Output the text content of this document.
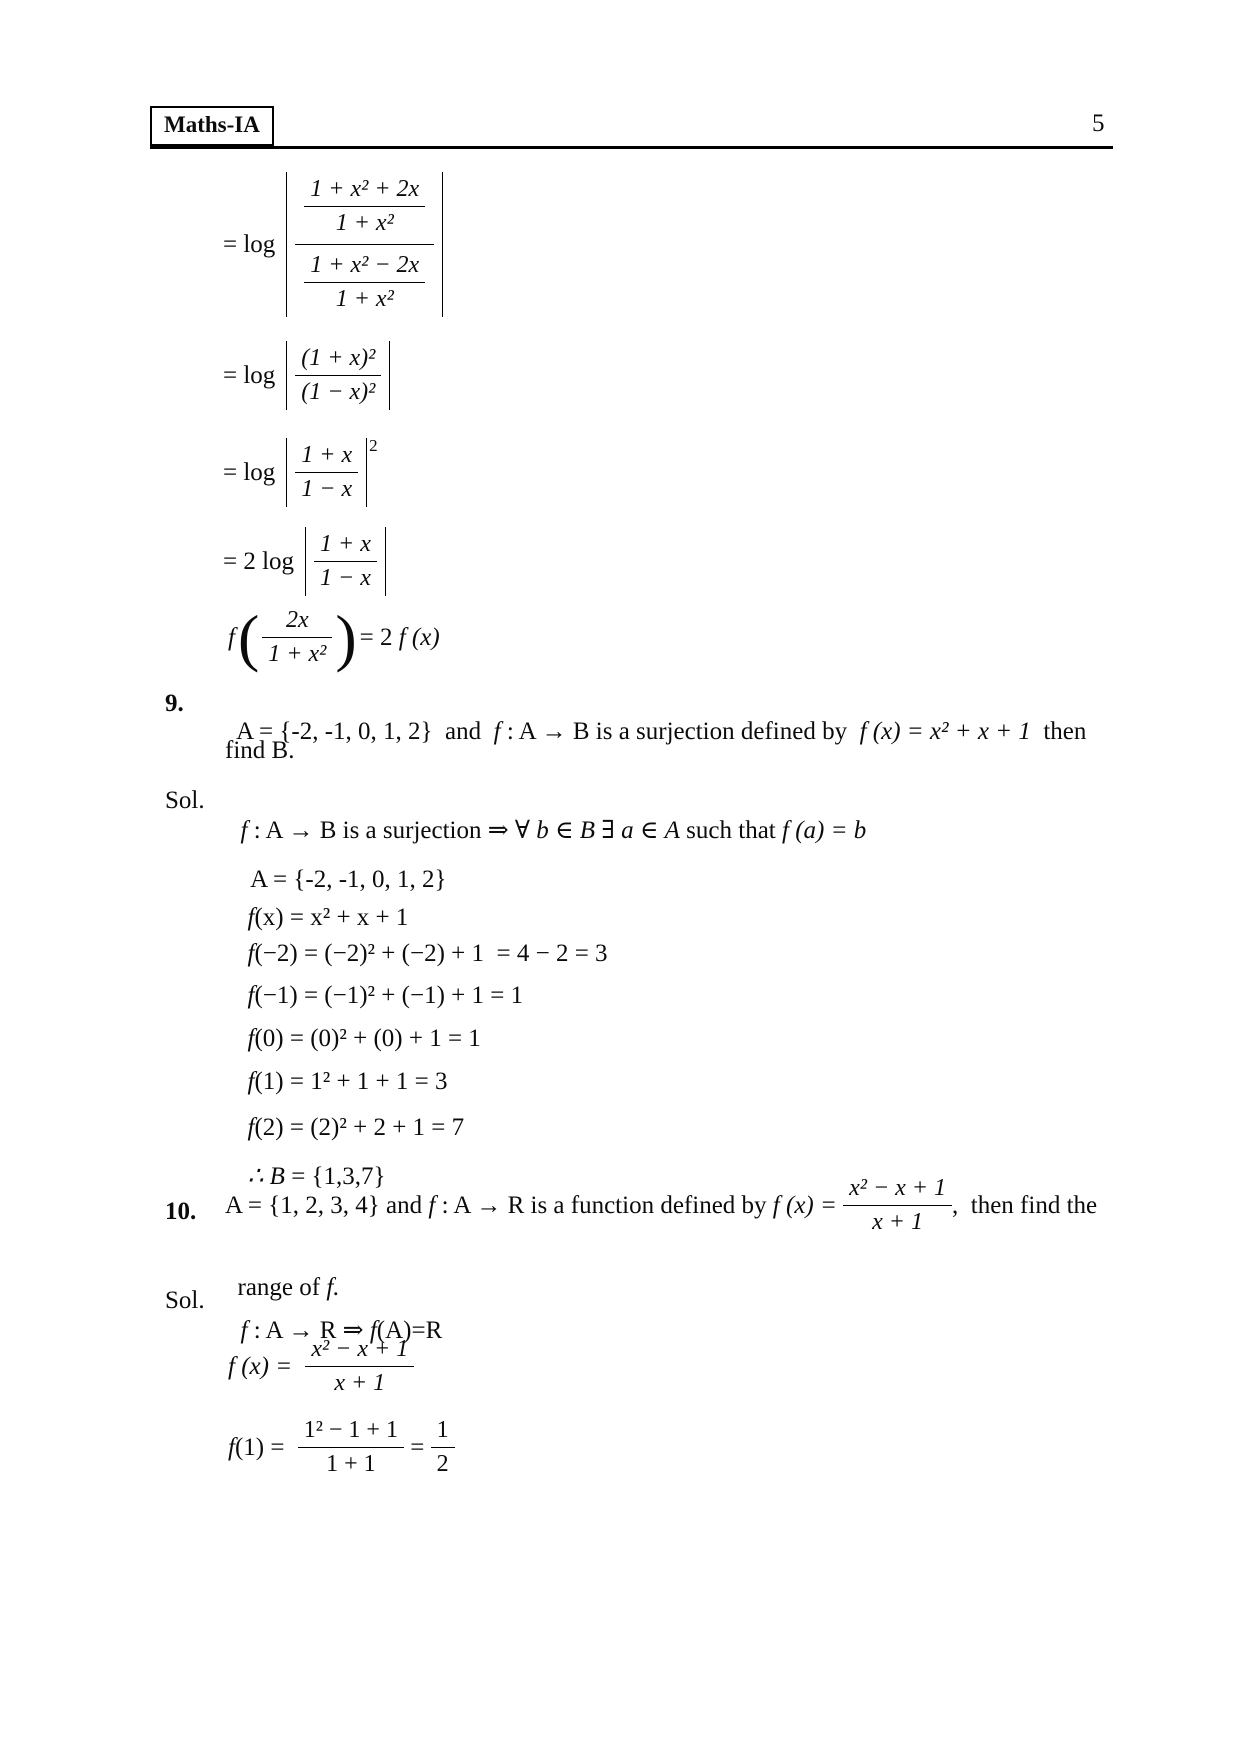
Maths-IA	5
= log
$\frac{\text{1 + x² + 2x}}{\text{1 + x²}}$
$\frac{\text{1 + x² − 2x}}{\text{1 + x²}}$
= $\log \frac{\text{(1 + x)²}}{\text{(1 − x)²}}$
= $\log \frac{1 + x}{1 - x} 2$
= 2 $\log \frac{1 + x}{1 - x}$
f ( $\frac{2x}{\text{1 + x²}}$ ) = 2 f (x)
9.

A = {-2, -1, 0, 1, 2}  and  f : A → B is a surjection defined by  f (x) = x² + x + 1  then

find B.
Sol.

f : A → B is a surjection ⇒ ∀ b ∈ B ∃ a ∈ A such that f (a) = b

A = {-2, -1, 0, 1, 2}

f(x) = x² + x + 1

f(−2) = (−2)² + (−2) + 1  = 4 − 2 = 3

f(−1) = (−1)² + (−1) + 1 = 1

f(0) = (0)² + (0) + 1 = 1

f(1) = 1² + 1 + 1 = 3

f(2) = (2)² + 2 + 1 = 7

∴ B = {1,3,7}

10. A = {1, 2, 3, 4} and f : A → R is a function defined by f $(x) = \frac{\text{x² − x + 1}}{x + 1}$ ,  then find the

range of f.

Sol.

f : A → R ⇒ f(A)=R

f $(x) = \frac{\text{x² − x + 1}}{x + 1}$
f $(1) = \frac{\text{1² − 1 + 1}}{1 + 1} = \frac{1}{2}$
